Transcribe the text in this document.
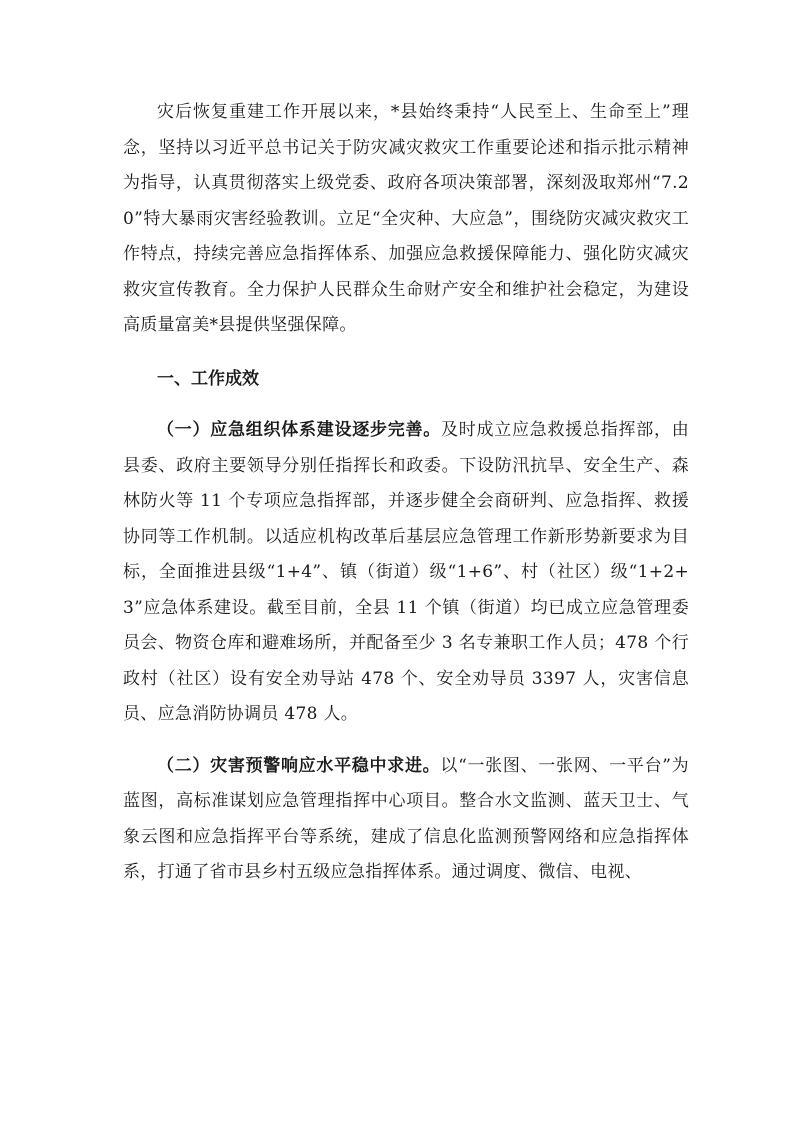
灾后恢复重建工作开展以来，*县始终秉持“人民至上、生命至上”理念，坚持以习近平总书记关于防灾减灾救灾工作重要论述和指示批示精神为指导，认真贯彻落实上级党委、政府各项决策部署，深刻汲取郑州“7.20”特大暴雨灾害经验教训。立足“全灾种、大应急”，围绕防灾减灾救灾工作特点，持续完善应急指挥体系、加强应急救援保障能力、强化防灾减灾救灾宣传教育。全力保护人民群众生命财产安全和维护社会稳定，为建设高质量富美*县提供坚强保障。

一、工作成效

（一）应急组织体系建设逐步完善。及时成立应急救援总指挥部，由县委、政府主要领导分别任指挥长和政委。下设防汛抗旱、安全生产、森林防火等 11 个专项应急指挥部，并逐步健全会商研判、应急指挥、救援协同等工作机制。以适应机构改革后基层应急管理工作新形势新要求为目标，全面推进县级“1+4”、镇（街道）级“1+6”、村（社区）级“1+2+3”应急体系建设。截至目前，全县 11 个镇（街道）均已成立应急管理委员会、物资仓库和避难场所，并配备至少 3 名专兼职工作人员；478 个行政村（社区）设有安全劝导站 478 个、安全劝导员 3397 人，灾害信息员、应急消防协调员 478 人。

（二）灾害预警响应水平稳中求进。以“一张图、一张网、一平台”为蓝图，高标准谋划应急管理指挥中心项目。整合水文监测、蓝天卫士、气象云图和应急指挥平台等系统，建成了信息化监测预警网络和应急指挥体系，打通了省市县乡村五级应急指挥体系。通过调度、微信、电视、
